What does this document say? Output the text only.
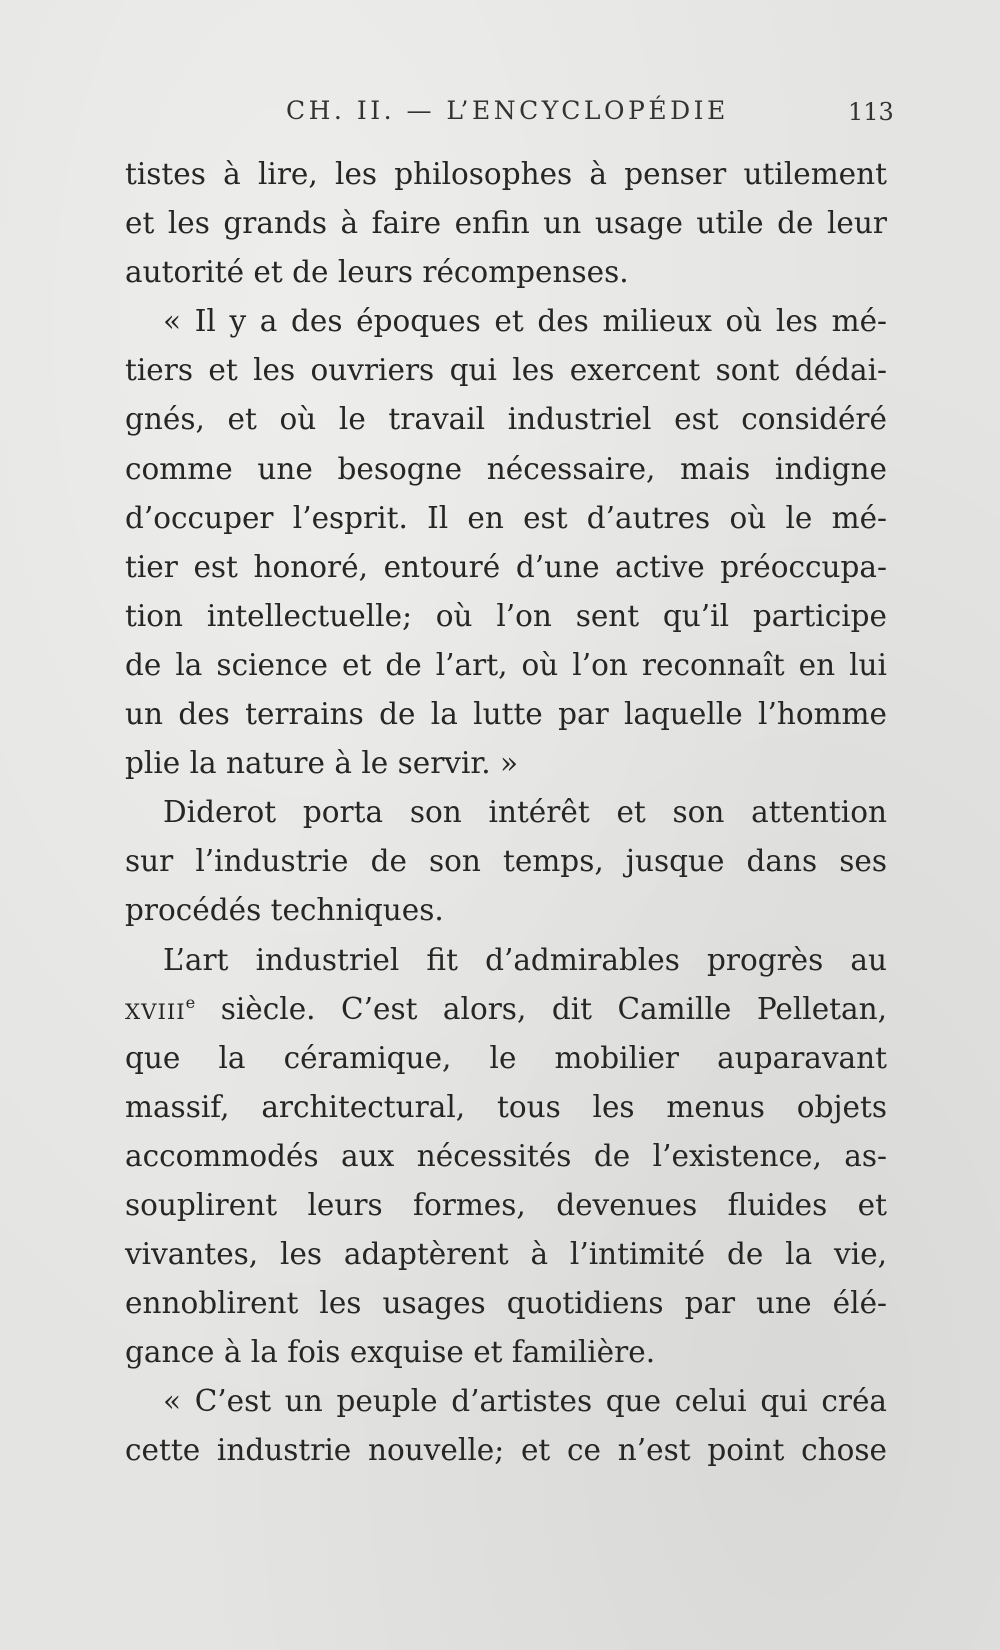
CH. II. — L’ENCYCLOPÉDIE	113
tistes à lire, les philosophes à penser utilement
et les grands à faire enfin un usage utile de leur
autorité et de leurs récompenses.
« Il y a des époques et des milieux où les mé-
tiers et les ouvriers qui les exercent sont dédai-
gnés, et où le travail industriel est considéré
comme une besogne nécessaire, mais indigne
d’occuper l’esprit. Il en est d’autres où le mé-
tier est honoré, entouré d’une active préoccupa-
tion intellectuelle; où l’on sent qu’il participe
de la science et de l’art, où l’on reconnaît en lui
un des terrains de la lutte par laquelle l’homme
plie la nature à le servir. »
Diderot porta son intérêt et son attention
sur l’industrie de son temps, jusque dans ses
procédés techniques.
L’art industriel fit d’admirables progrès au
XVIIIe siècle. C’est alors, dit Camille Pelletan,
que la céramique, le mobilier auparavant
massif, architectural, tous les menus objets
accommodés aux nécessités de l’existence, as-
souplirent leurs formes, devenues fluides et
vivantes, les adaptèrent à l’intimité de la vie,
ennoblirent les usages quotidiens par une élé-
gance à la fois exquise et familière.
« C’est un peuple d’artistes que celui qui créa
cette industrie nouvelle; et ce n’est point chose
